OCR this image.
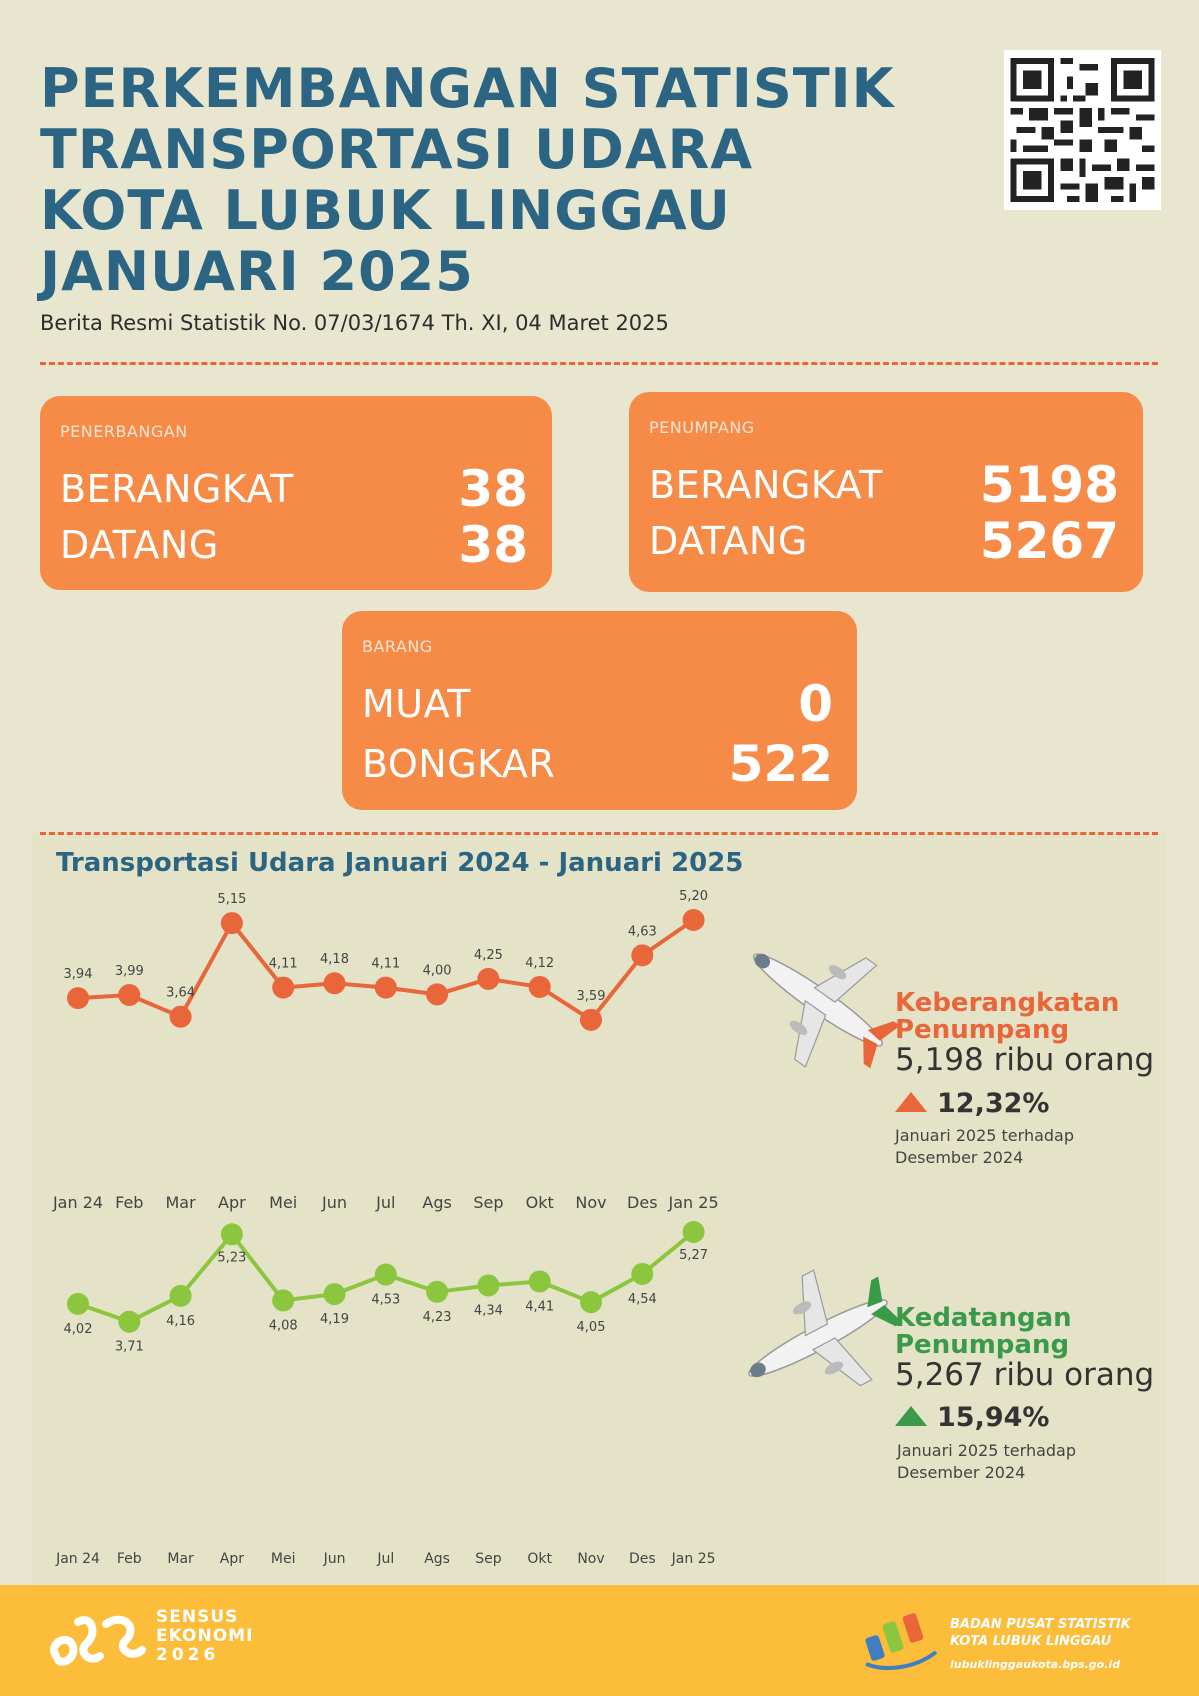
PERKEMBANGAN STATISTIK
TRANSPORTASI UDARA
KOTA LUBUK LINGGAU
JANUARI 2025
Berita Resmi Statistik No. 07/03/1674 Th. XI, 04 Maret 2025
PENERBANGAN
BERANGKAT	38
DATANG	38
PENUMPANG
BERANGKAT 5198
DATANG	5267
BARANG
MUAT	0
BONGKAR	522
Transportasi Udara Januari 2024 - Januari 2025
3,94
Jan 24
3,99
Feb
3,64
Mar
5,15
Apr
4,11
Mei
4,18
Jun
4,11
Jul
4,00
Ags
4,25
Sep
4,12
Okt
3,59
Nov
4,63
Des
5,20
Jan 25
4,02
Jan 24
3,71
Feb
4,16
Mar
5,23
Apr
4,08
Mei
4,19
Jun
4,53
Jul
4,23
Ags
4,34
Sep
4,41
Okt
4,05
Nov
4,54
Des
5,27
Jan 25
Keberangkatan
Penumpang
5,198 ribu orang
12,32%
Januari 2025 terhadap
Desember 2024
Kedatangan
Penumpang
5,267 ribu orang
15,94%
Januari 2025 terhadap
Desember 2024
SENSUS
EKONOMI
2026
BADAN PUSAT STATISTIK
KOTA LUBUK LINGGAU
lubuklinggaukota.bps.go.id
